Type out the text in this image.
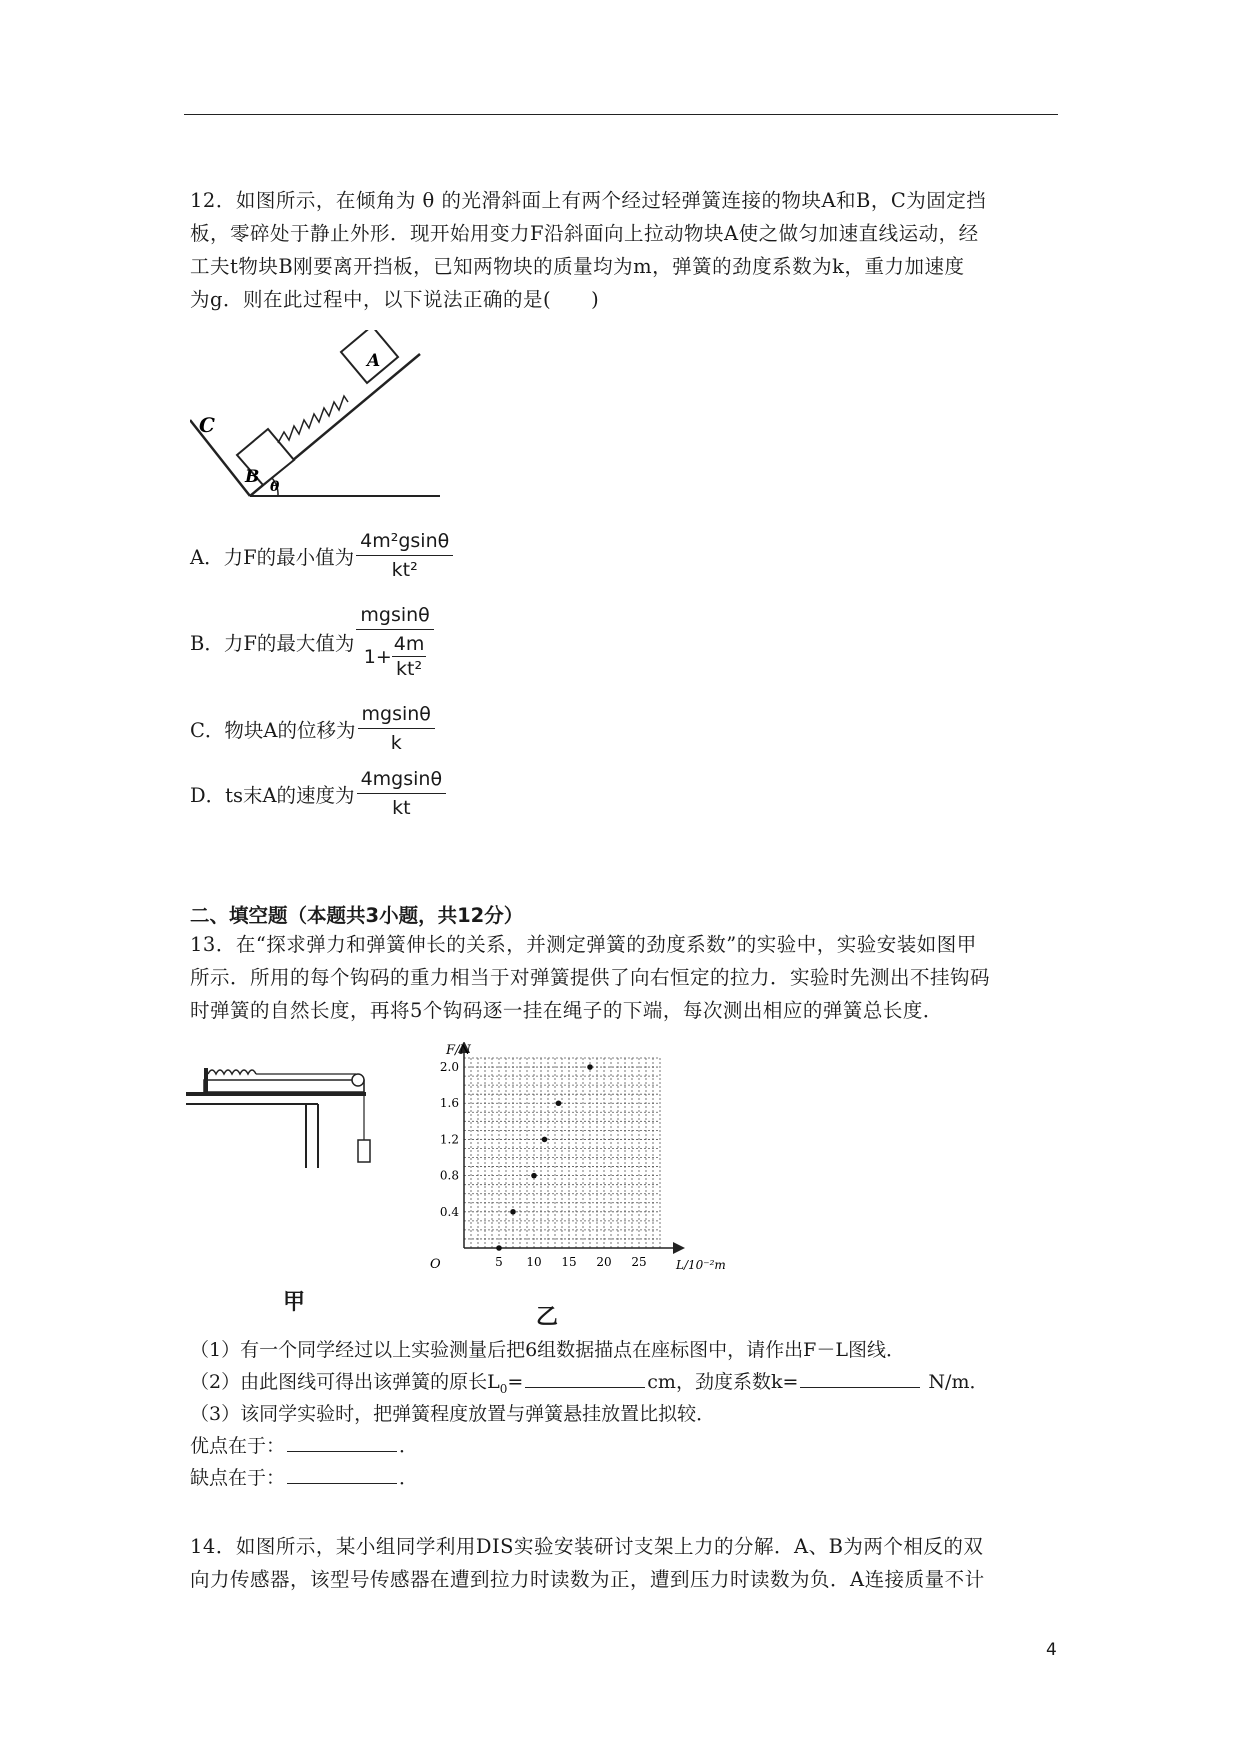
12．如图所示，在倾角为 θ 的光滑斜面上有两个经过轻弹簧连接的物块A和B，C为固定挡

板，零碎处于静止外形．现开始用变力F沿斜面向上拉动物块A使之做匀加速直线运动，经

工夫t物块B刚要离开挡板，已知两物块的质量均为m，弹簧的劲度系数为k，重力加速度

为g．则在此过程中，以下说法正确的是(　　)

C
B
A
θ
A．力F的最小值为 $\frac{\text{4m²gsinθ}}{\text{kt²}}$
B．力F的最大值为 $\frac{mgsin\theta}{1+ \frac{4m}{\text{kt²}}}$
C．物块A的位移为 $\frac{mgsin\theta}{k}$
D．ts末A的速度为 $\frac{4mgsin\theta}{kt}$
二、填空题（本题共3小题，共12分）

13．在“探求弹力和弹簧伸长的关系，并测定弹簧的劲度系数”的实验中，实验安装如图甲

所示．所用的每个钩码的重力相当于对弹簧提供了向右恒定的拉力．实验时先测出不挂钩码

时弹簧的自然长度，再将5个钩码逐一挂在绳子的下端，每次测出相应的弹簧总长度．

甲
乙
5 10 15 20 25
0.4
0.8
1.2
1.6
2.0
F/N
L/10⁻²m
O
（1）有一个同学经过以上实验测量后把6组数据描点在座标图中，请作出F－L图线．
（2）由此图线可得出该弹簧的原长$L_0=$	cm，劲度系数k=	N/m．
（3）该同学实验时，把弹簧程度放置与弹簧悬挂放置比拟较．
优点在于：	．
缺点在于：	．

14．如图所示，某小组同学利用DIS实验安装研讨支架上力的分解．A、B为两个相反的双

向力传感器，该型号传感器在遭到拉力时读数为正，遭到压力时读数为负．A连接质量不计

4
